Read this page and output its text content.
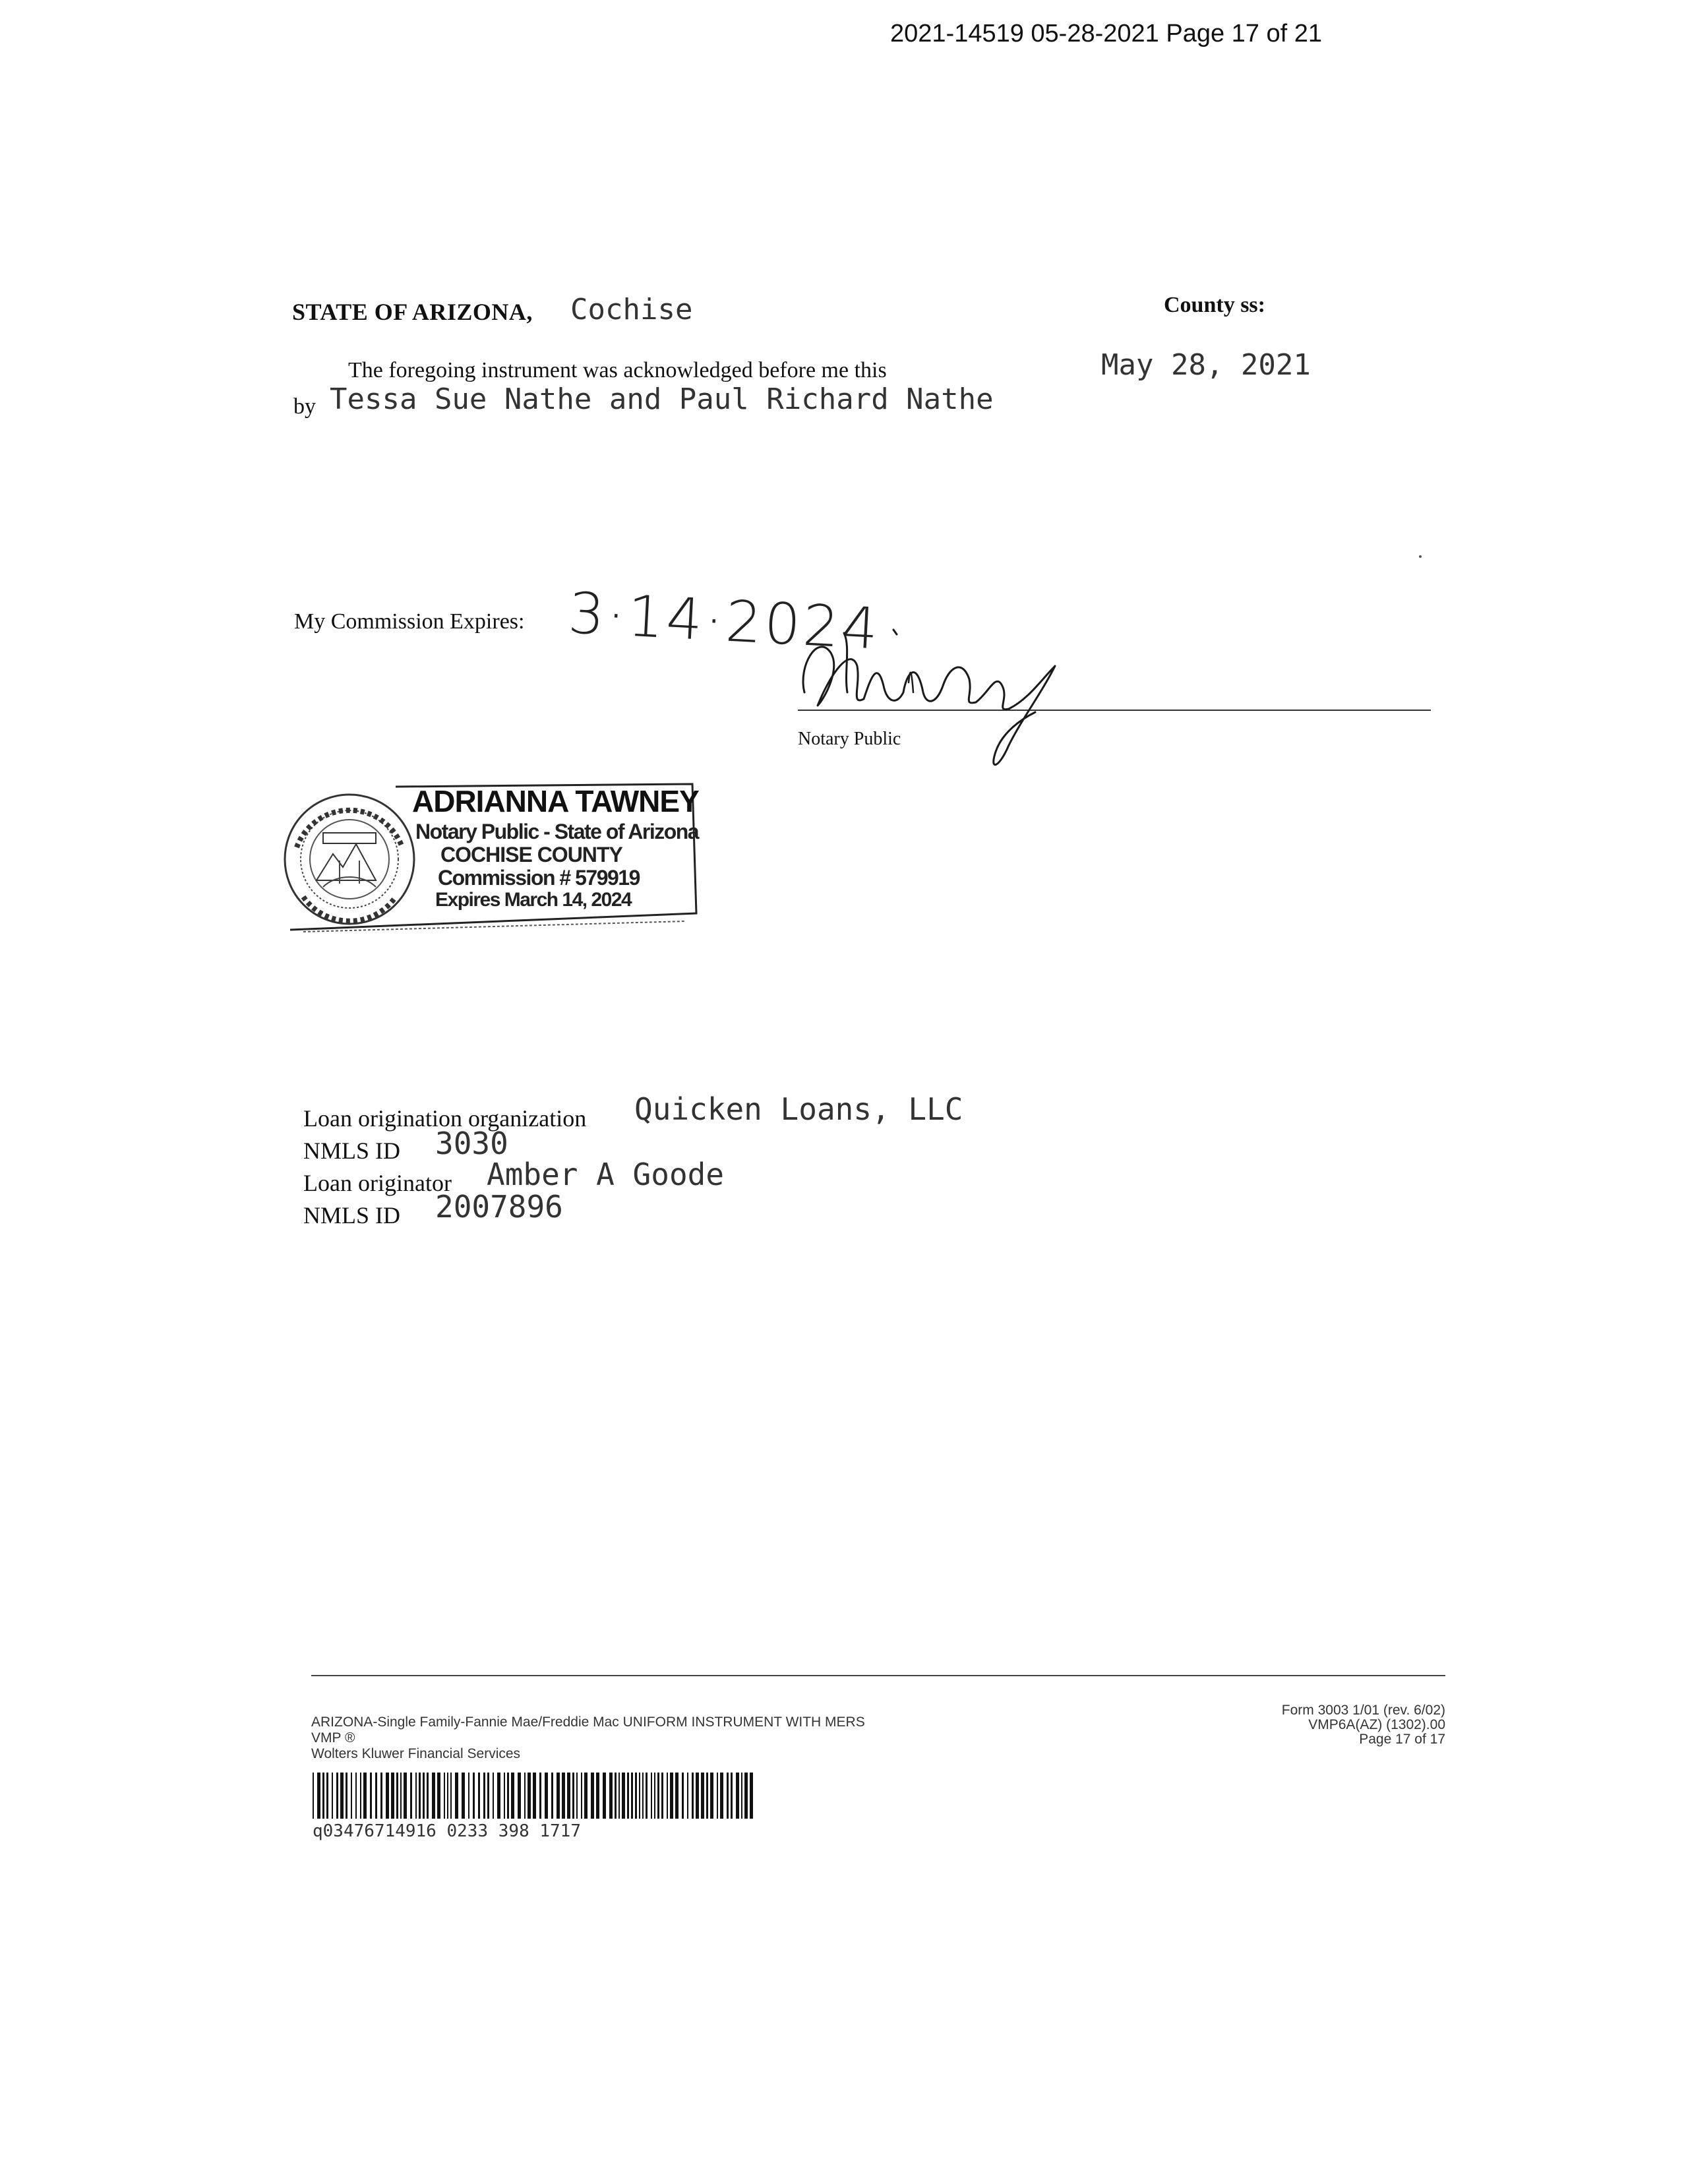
2021-14519 05-28-2021 Page 17 of 21
STATE OF ARIZONA, Cochise	County ss:
The foregoing instrument was acknowledged before me this	May 28, 2021
by Tessa Sue Nathe and Paul Richard Nathe
My Commission Expires: 3·14·2024
Notary Public
ADRIANNA TAWNEY
Notary Public - State of Arizona
COCHISE COUNTY
Commission # 579919
Expires March 14, 2024
Loan origination organization Quicken Loans, LLC
NMLS ID 3030
Loan originator Amber A Goode
NMLS ID 2007896
ARIZONA-Single Family-Fannie Mae/Freddie Mac UNIFORM INSTRUMENT WITH MERS
VMP ®
Wolters Kluwer Financial Services
Form 3003 1/01 (rev. 6/02)
VMP6A(AZ) (1302).00
Page 17 of 17
q03476714916 0233 398 1717
